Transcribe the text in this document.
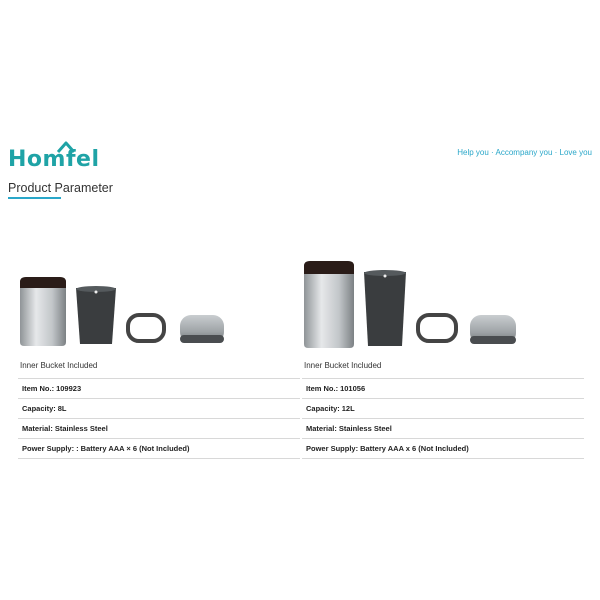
Homfel	Help you · Accompany you · Love you
Product Parameter
Inner Bucket Included
Item No.: 109923
Capacity: 8L
Material: Stainless Steel
Power Supply: : Battery AAA × 6 (Not Included)
Inner Bucket Included
Item No.: 101056
Capacity: 12L
Material: Stainless Steel
Power Supply: Battery AAA x 6 (Not Included)
